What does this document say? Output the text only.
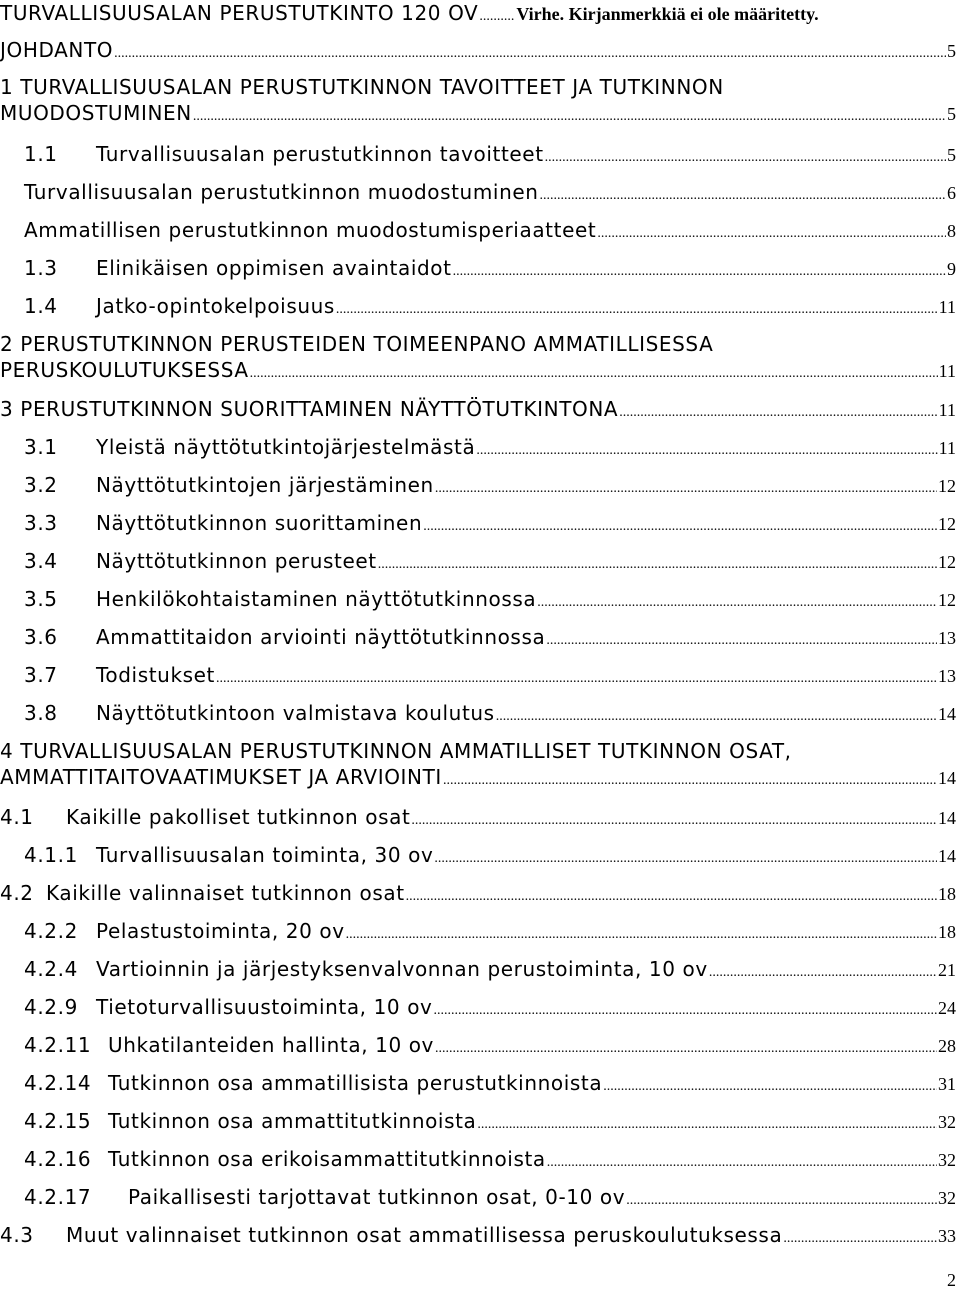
TURVALLISUUSALAN PERUSTUTKINTO 120 OV ..... Virhe. Kirjanmerkkiä ei ole määritetty.
JOHDANTO .....	5
1 TURVALLISUUSALAN PERUSTUTKINNON TAVOITTEET JA TUTKINNON
MUODOSTUMINEN .....	5
1.1	Turvallisuusalan perustutkinnon tavoitteet .....	5
Turvallisuusalan perustutkinnon muodostuminen .....	6
Ammatillisen perustutkinnon muodostumisperiaatteet .....	8
1.3	Elinikäisen oppimisen avaintaidot .....	9
1.4	Jatko-opintokelpoisuus .....	11
2 PERUSTUTKINNON PERUSTEIDEN TOIMEENPANO AMMATILLISESSA
PERUSKOULUTUKSESSA .....	11
3 PERUSTUTKINNON SUORITTAMINEN NÄYTTÖTUTKINTONA .....	11
3.1	Yleistä näyttötutkintojärjestelmästä .....	11
3.2	Näyttötutkintojen järjestäminen .....	12
3.3	Näyttötutkinnon suorittaminen .....	12
3.4	Näyttötutkinnon perusteet .....	12
3.5	Henkilökohtaistaminen näyttötutkinnossa .....	12
3.6	Ammattitaidon arviointi näyttötutkinnossa .....	13
3.7	Todistukset .....	13
3.8	Näyttötutkintoon valmistava koulutus .....	14
4 TURVALLISUUSALAN PERUSTUTKINNON AMMATILLISET TUTKINNON OSAT,
AMMATTITAITOVAATIMUKSET JA ARVIOINTI .....	14
4.1	Kaikille pakolliset tutkinnon osat .....	14
4.1.1 Turvallisuusalan toiminta, 30 ov .....	14
4.2 Kaikille valinnaiset tutkinnon osat .....	18
4.2.2 Pelastustoiminta, 20 ov .....	18
4.2.4 Vartioinnin ja järjestyksenvalvonnan perustoiminta, 10 ov .....	21
4.2.9 Tietoturvallisuustoiminta, 10 ov .....	24
4.2.11 Uhkatilanteiden hallinta, 10 ov .....	28
4.2.14 Tutkinnon osa ammatillisista perustutkinnoista .....	31
4.2.15 Tutkinnon osa ammattitutkinnoista .....	32
4.2.16 Tutkinnon osa erikoisammattitutkinnoista .....	32
4.2.17	Paikallisesti tarjottavat tutkinnon osat, 0-10 ov .....	32
4.3	Muut valinnaiset tutkinnon osat ammatillisessa peruskoulutuksessa .....	33
2
